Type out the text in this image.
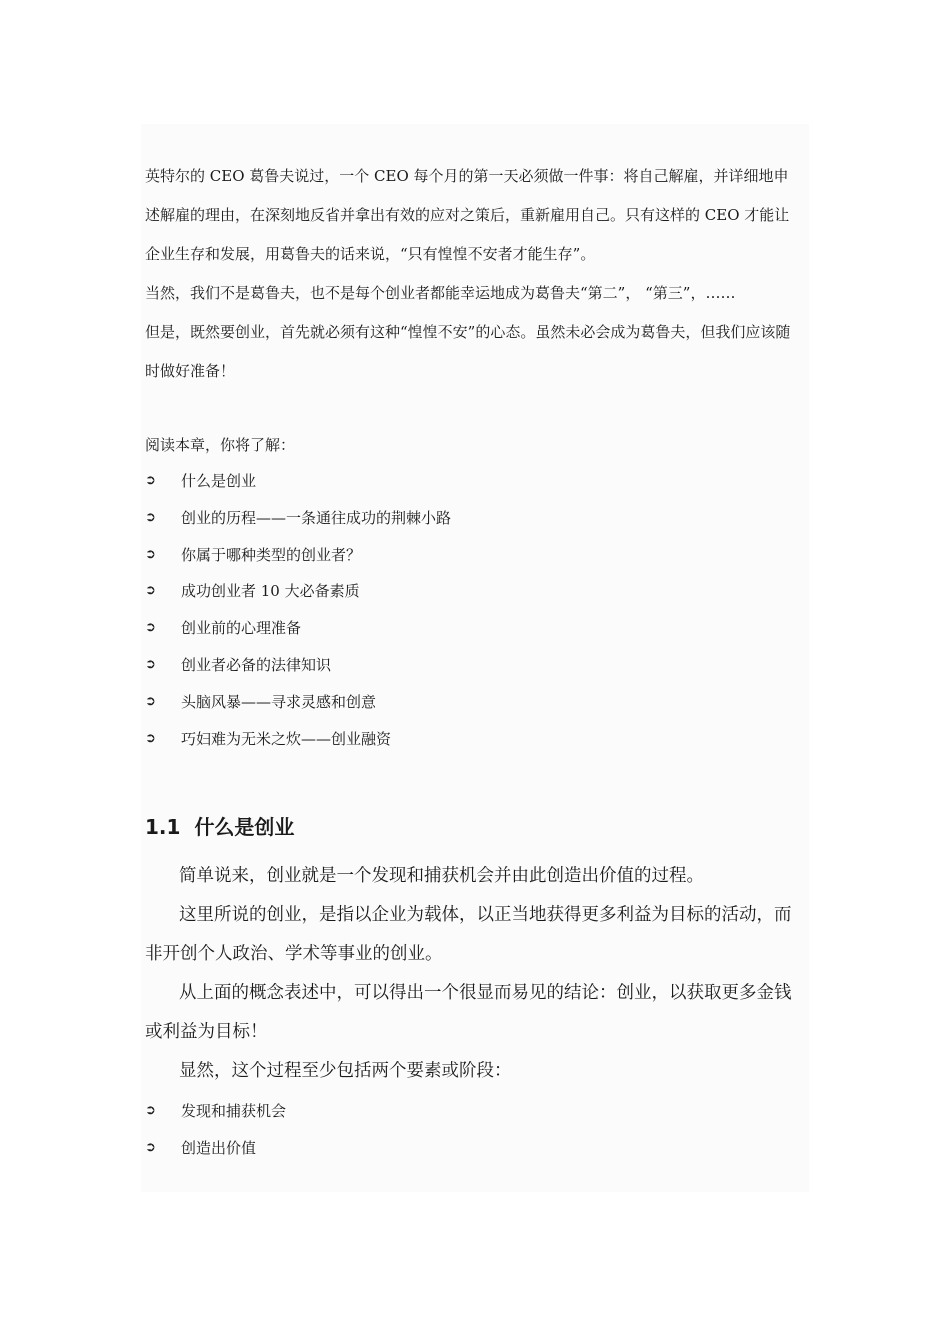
英特尔的 CEO 葛鲁夫说过，一个 CEO 每个月的第一天必须做一件事：将自己解雇，并详细地申述解雇的理由，在深刻地反省并拿出有效的应对之策后，重新雇用自己。只有这样的 CEO 才能让企业生存和发展，用葛鲁夫的话来说，“只有惶惶不安者才能生存”。

当然，我们不是葛鲁夫，也不是每个创业者都能幸运地成为葛鲁夫“第二”， “第三”，……

但是，既然要创业，首先就必须有这种“惶惶不安”的心态。虽然未必会成为葛鲁夫，但我们应该随时做好准备！

阅读本章，你将了解：
➲ 什么是创业
➲ 创业的历程——一条通往成功的荆棘小路
➲ 你属于哪种类型的创业者？
➲ 成功创业者 10 大必备素质
➲ 创业前的心理准备
➲ 创业者必备的法律知识
➲ 头脑风暴——寻求灵感和创意
➲ 巧妇难为无米之炊——创业融资
1.1 什么是创业

简单说来，创业就是一个发现和捕获机会并由此创造出价值的过程。

这里所说的创业，是指以企业为载体，以正当地获得更多利益为目标的活动，而非开创个人政治、学术等事业的创业。

从上面的概念表述中，可以得出一个很显而易见的结论：创业，以获取更多金钱或利益为目标！

显然，这个过程至少包括两个要素或阶段：

➲ 发现和捕获机会
➲ 创造出价值
